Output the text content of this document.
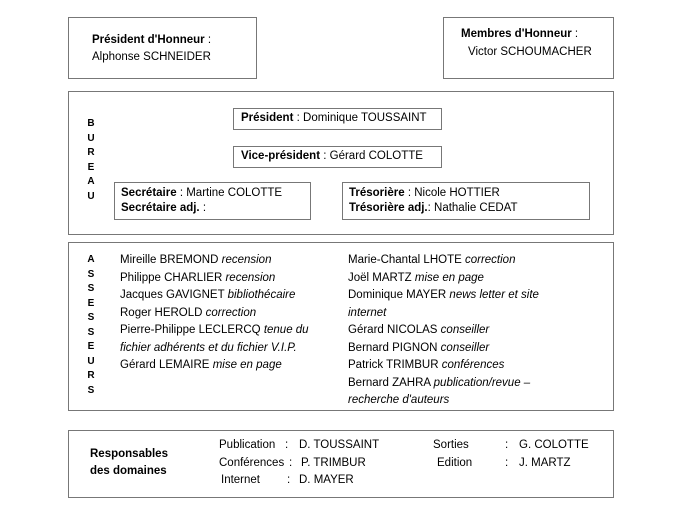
Président d'Honneur :
Alphonse SCHNEIDER
Membres d'Honneur :
Victor SCHOUMACHER
B
U
R
E
A
U
Président : Dominique TOUSSAINT
Vice-président : Gérard COLOTTE
Secrétaire : Martine COLOTTE
Secrétaire adj. :
Trésorière : Nicole HOTTIER
Trésorière adj.: Nathalie CEDAT
A
S
S
E
S
S
E
U
R
S
Mireille BREMOND recension
Philippe CHARLIER recension
Jacques GAVIGNET bibliothécaire
Roger HEROLD correction
Pierre-Philippe LECLERCQ tenue du
fichier adhérents et du fichier V.I.P.
Gérard LEMAIRE mise en page
Marie-Chantal LHOTE correction
Joël MARTZ mise en page
Dominique MAYER news letter et site
internet
Gérard NICOLAS conseiller
Bernard PIGNON conseiller
Patrick TRIMBUR conférences
Bernard ZAHRA publication/revue –
recherche d'auteurs
Responsables
des domaines
Publication : D. TOUSSAINT
Conférences : P. TRIMBUR
Internet : D. MAYER
Sorties	: G. COLOTTE
Edition	: J. MARTZ
